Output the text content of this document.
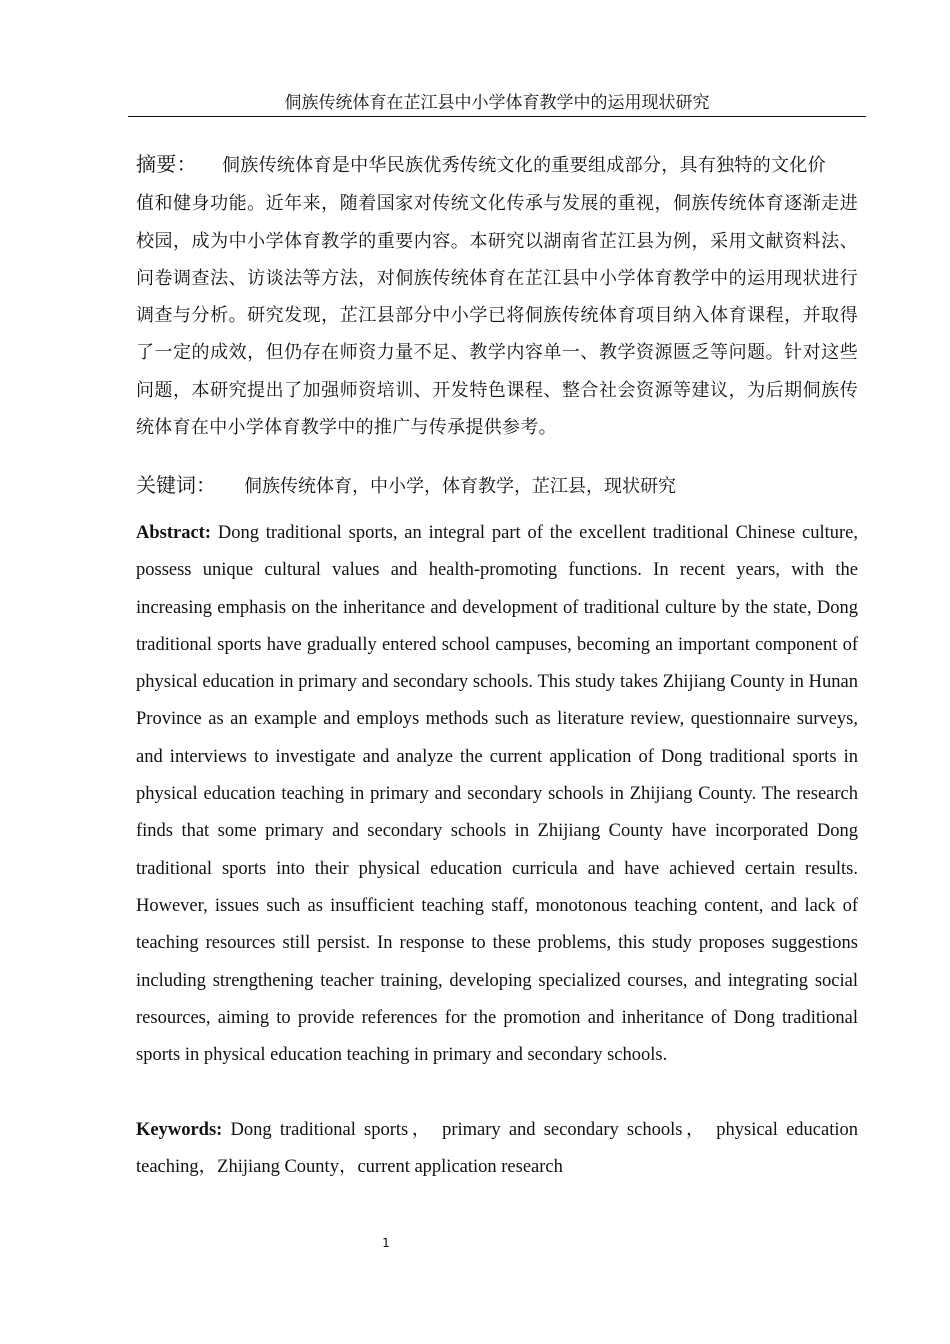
侗族传统体育在芷江县中小学体育教学中的运用现状研究
摘要： 侗族传统体育是中华民族优秀传统文化的重要组成部分，具有独特的文化价
值和健身功能。近年来，随着国家对传统文化传承与发展的重视，侗族传统体育逐渐走进校园，成为中小学体育教学的重要内容。本研究以湖南省芷江县为例，采用文献资料法、问卷调查法、访谈法等方法，对侗族传统体育在芷江县中小学体育教学中的运用现状进行调查与分析。研究发现，芷江县部分中小学已将侗族传统体育项目纳入体育课程，并取得了一定的成效，但仍存在师资力量不足、教学内容单一、教学资源匮乏等问题。针对这些问题，本研究提出了加强师资培训、开发特色课程、整合社会资源等建议，为后期侗族传统体育在中小学体育教学中的推广与传承提供参考。
关键词： 侗族传统体育，中小学，体育教学，芷江县，现状研究
Abstract: Dong traditional sports, an integral part of the excellent traditional Chinese culture, possess unique cultural values and health-promoting functions. In recent years, with the increasing emphasis on the inheritance and development of traditional culture by the state, Dong traditional sports have gradually entered school campuses, becoming an important component of physical education in primary and secondary schools. This study takes Zhijiang County in Hunan Province as an example and employs methods such as literature review, questionnaire surveys, and interviews to investigate and analyze the current application of Dong traditional sports in physical education teaching in primary and secondary schools in Zhijiang County. The research finds that some primary and secondary schools in Zhijiang County have incorporated Dong traditional sports into their physical education curricula and have achieved certain results. However, issues such as insufficient teaching staff, monotonous teaching content, and lack of teaching resources still persist. In response to these problems, this study proposes suggestions including strengthening teacher training, developing specialized courses, and integrating social resources, aiming to provide references for the promotion and inheritance of Dong traditional sports in physical education teaching in primary and secondary schools.
Keywords: Dong traditional sports， primary and secondary schools， physical education teaching，Zhijiang County，current application research
1
